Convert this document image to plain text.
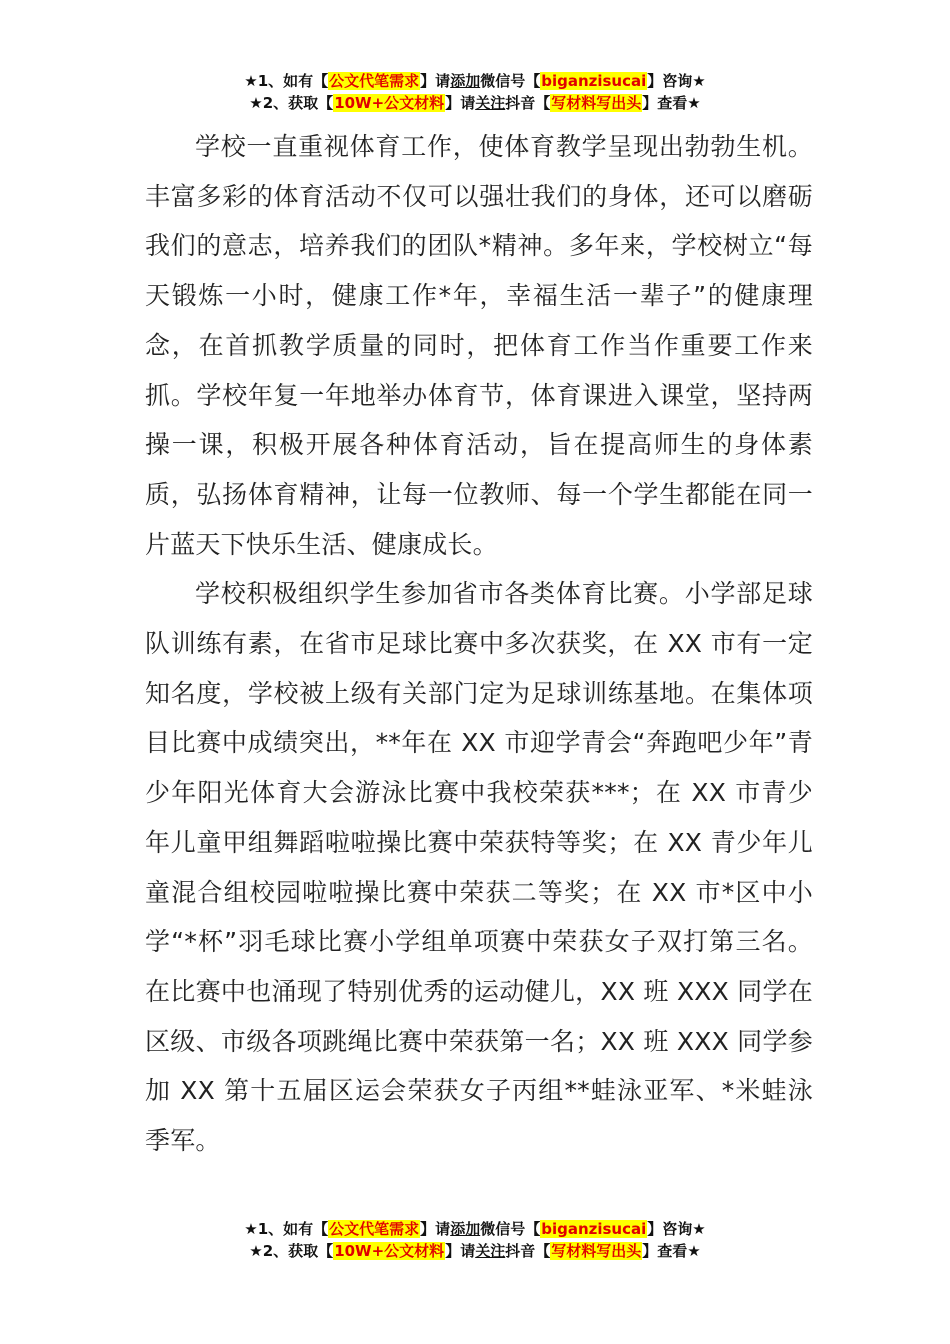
★1、如有【公文代笔需求】请添加微信号【biganzisucai】咨询★
★2、获取【10W+公文材料】请关注抖音【写材料写出头】查看★

学校一直重视体育工作，使体育教学呈现出勃勃生机。丰富多彩的体育活动不仅可以强壮我们的身体，还可以磨砺我们的意志，培养我们的团队*精神。多年来，学校树立“每天锻炼一小时，健康工作*年，幸福生活一辈子”的健康理念，在首抓教学质量的同时，把体育工作当作重要工作来抓。学校年复一年地举办体育节，体育课进入课堂，坚持两操一课，积极开展各种体育活动，旨在提高师生的身体素质，弘扬体育精神，让每一位教师、每一个学生都能在同一片蓝天下快乐生活、健康成长。

学校积极组织学生参加省市各类体育比赛。小学部足球队训练有素，在省市足球比赛中多次获奖，在 XX 市有一定知名度，学校被上级有关部门定为足球训练基地。在集体项目比赛中成绩突出，**年在 XX 市迎学青会“奔跑吧少年”青少年阳光体育大会游泳比赛中我校荣获***；在 XX 市青少年儿童甲组舞蹈啦啦操比赛中荣获特等奖；在 XX 青少年儿童混合组校园啦啦操比赛中荣获二等奖；在 XX 市*区中小学“*杯”羽毛球比赛小学组单项赛中荣获女子双打第三名。在比赛中也涌现了特别优秀的运动健儿，XX 班 XXX 同学在区级、市级各项跳绳比赛中荣获第一名；XX 班 XXX 同学参加 XX 第十五届区运会荣获女子丙组**蛙泳亚军、*米蛙泳季军。

★1、如有【公文代笔需求】请添加微信号【biganzisucai】咨询★
★2、获取【10W+公文材料】请关注抖音【写材料写出头】查看★
